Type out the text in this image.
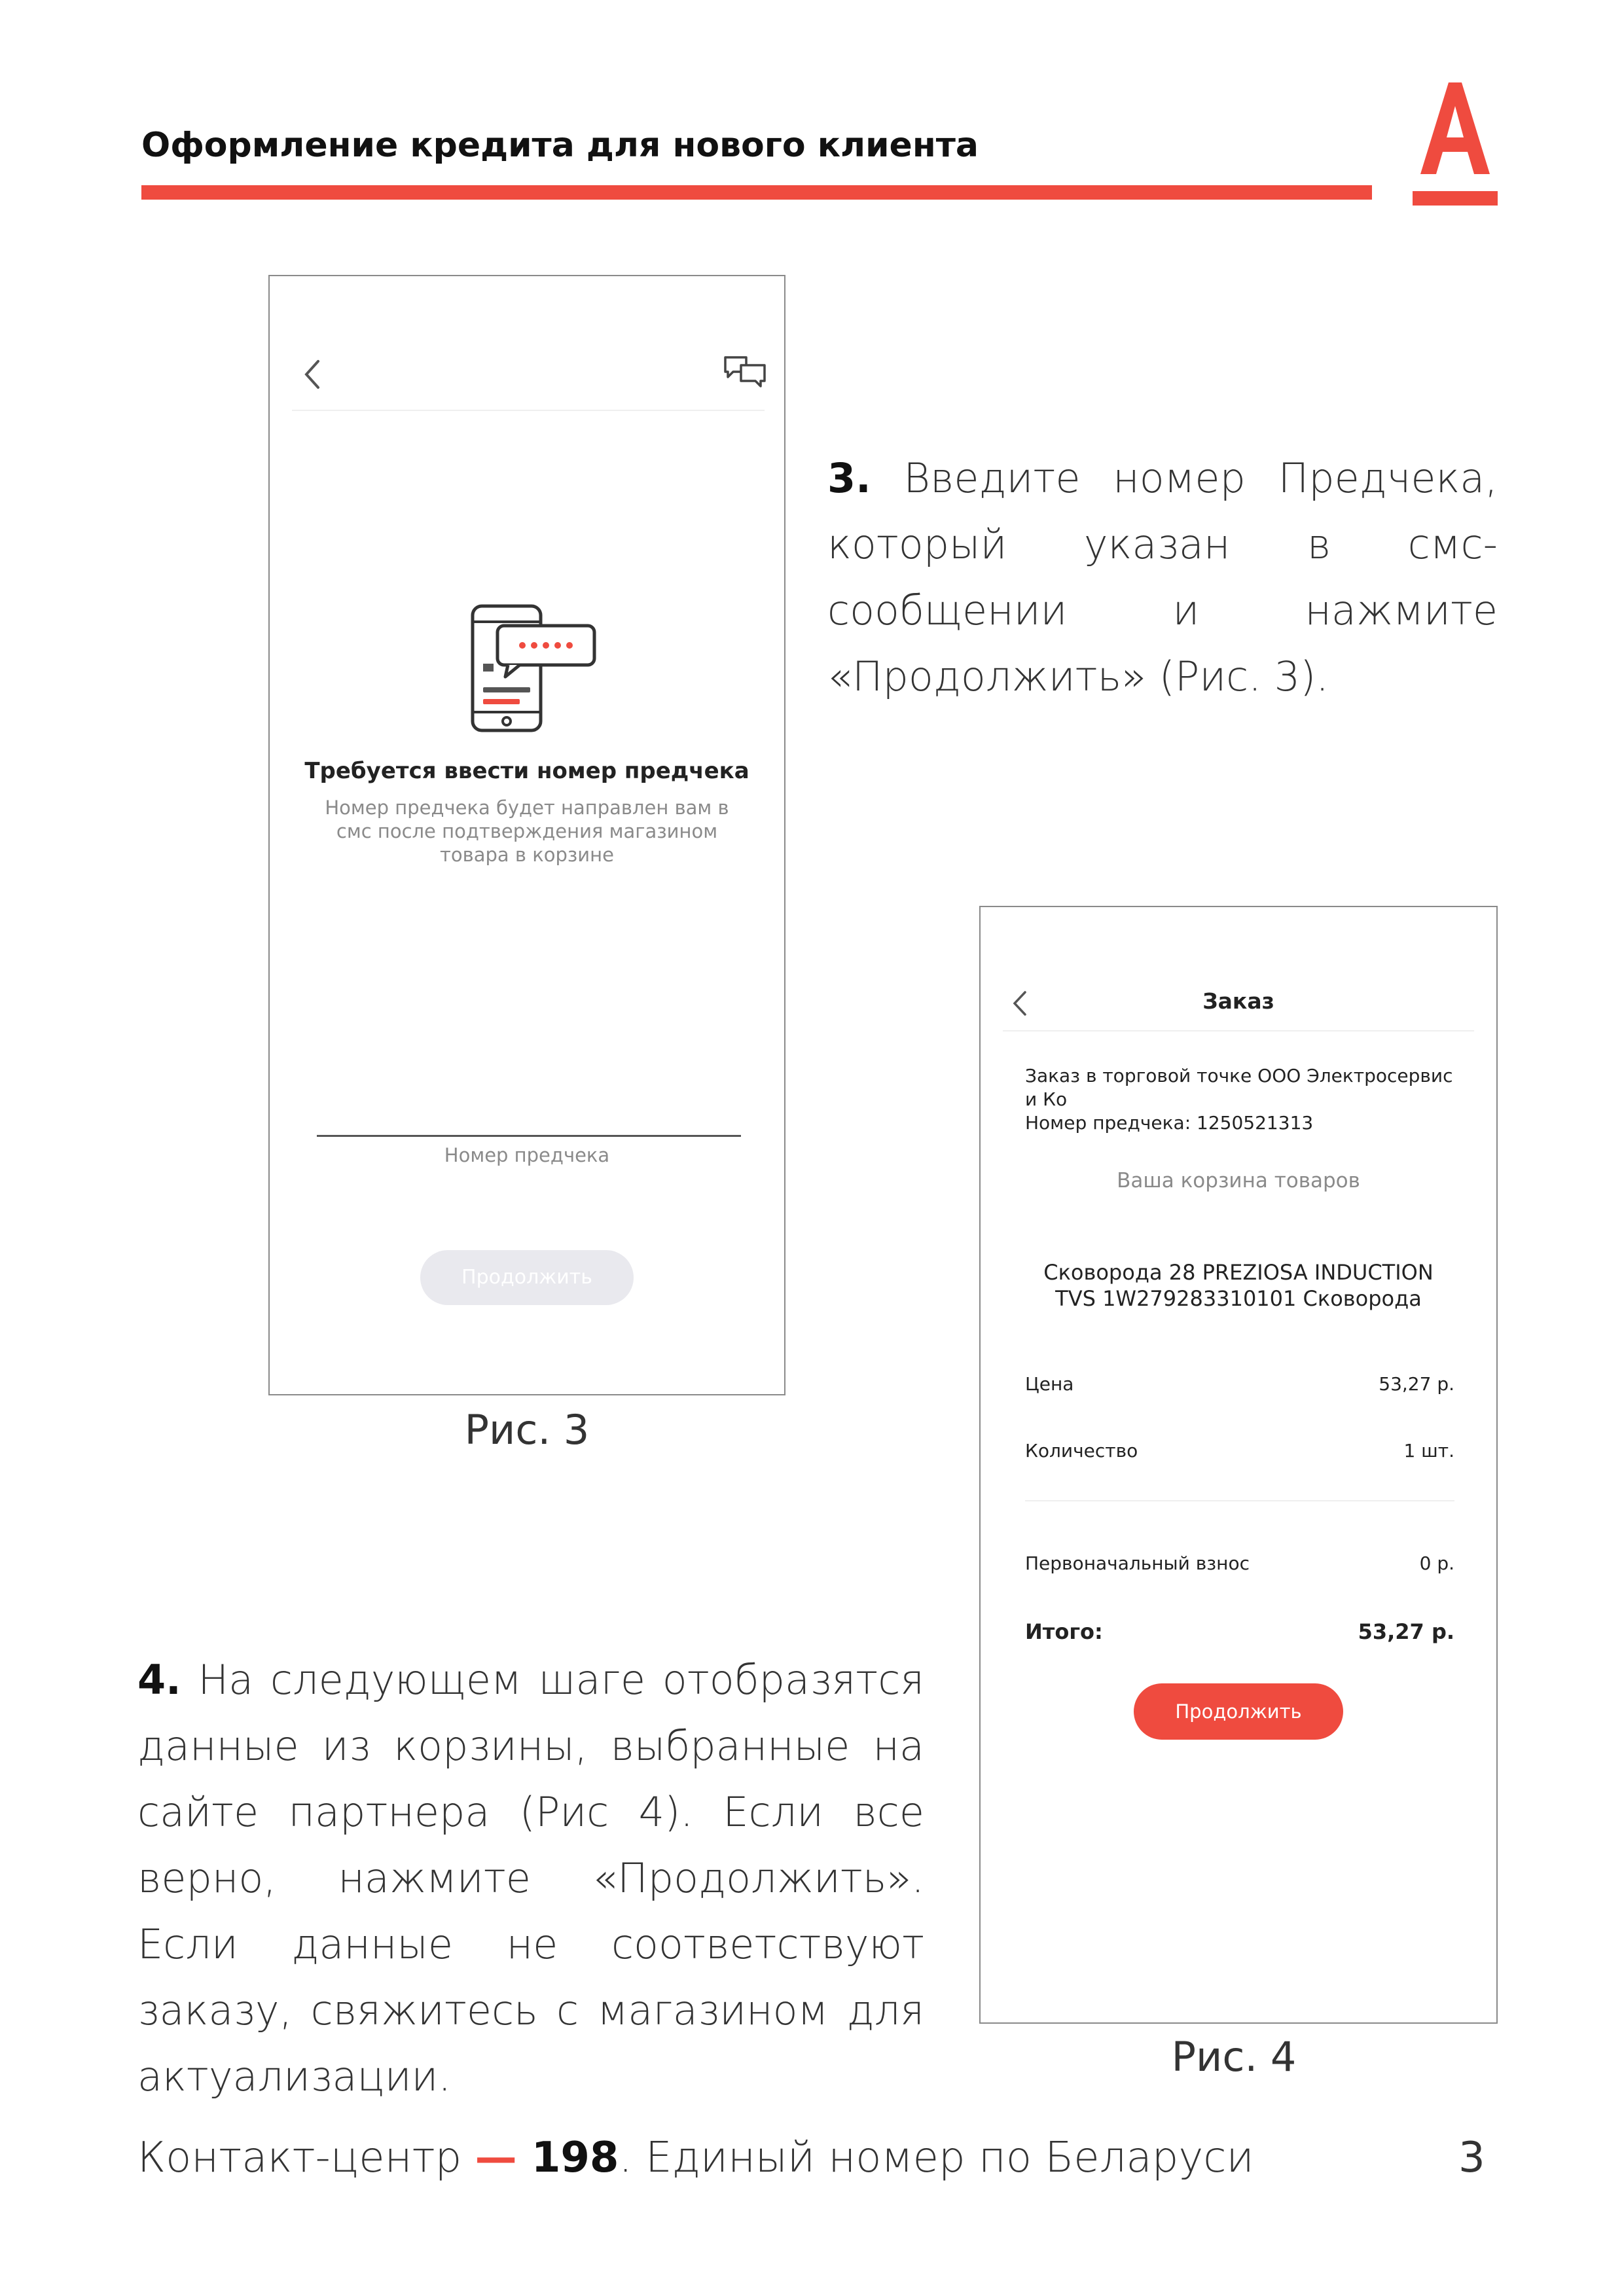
Оформление кредита для нового клиента
Требуется ввести номер предчека
Номер предчека будет направлен вам в смс после подтверждения магазином товара в корзине
Номер предчека
Продолжить
Рис. 3
3. Введите номер Предчека, который указан в смс-сообщении и нажмите «Продолжить» (Рис. 3).
Заказ
Заказ в торговой точке ООО Электросервис и Ко
Номер предчека: 1250521313
Ваша корзина товаров
Сковорода 28 PREZIOSA INDUCTION TVS 1W279283310101 Сковорода
Цена	53,27 р.
Количество	1 шт.
Первоначальный взнос	0 р.
Итого:	53,27 р.
Продолжить
Рис. 4
4. На следующем шаге отобразятся данные из корзины, выбранные на сайте партнера (Рис 4). Если все верно, нажмите «Продолжить». Если данные не соответствуют заказу, свяжитесь с магазином для актуализации.
Контакт-центр — 198. Единый номер по Беларуси	3
